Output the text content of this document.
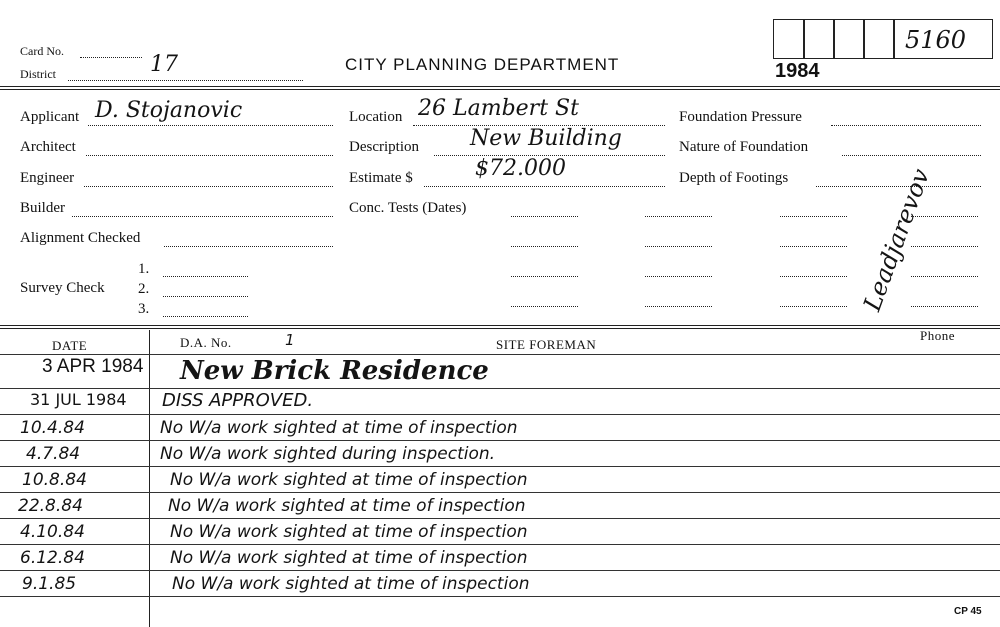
Card No.
District	17	CITY PLANNING DEPARTMENT	1984
5160
Applicant D. Stojanovic
Architect
Engineer
Builder
Alignment Checked
1.
Survey Check 2.
3.
Location 26 Lambert St
Description New Building
Estimate $	$72.000
Conc. Tests (Dates)
Foundation Pressure
Nature of Foundation
Depth of Footings	Leadjarevov
DATE	D.A. No.	1	SITE FOREMAN
Phone
3 APR 1984 New Brick Residence
31 JUL 1984 DISS APPROVED.
10.4.84	No W/a work sighted at time of inspection
4.7.84	No W/a work sighted during inspection.
10.8.84	No W/a work sighted at time of inspection
22.8.84	No W/a work sighted at time of inspection
4.10.84	No W/a work sighted at time of inspection
6.12.84	No W/a work sighted at time of inspection
9.1.85	No W/a work sighted at time of inspection
CP 45
